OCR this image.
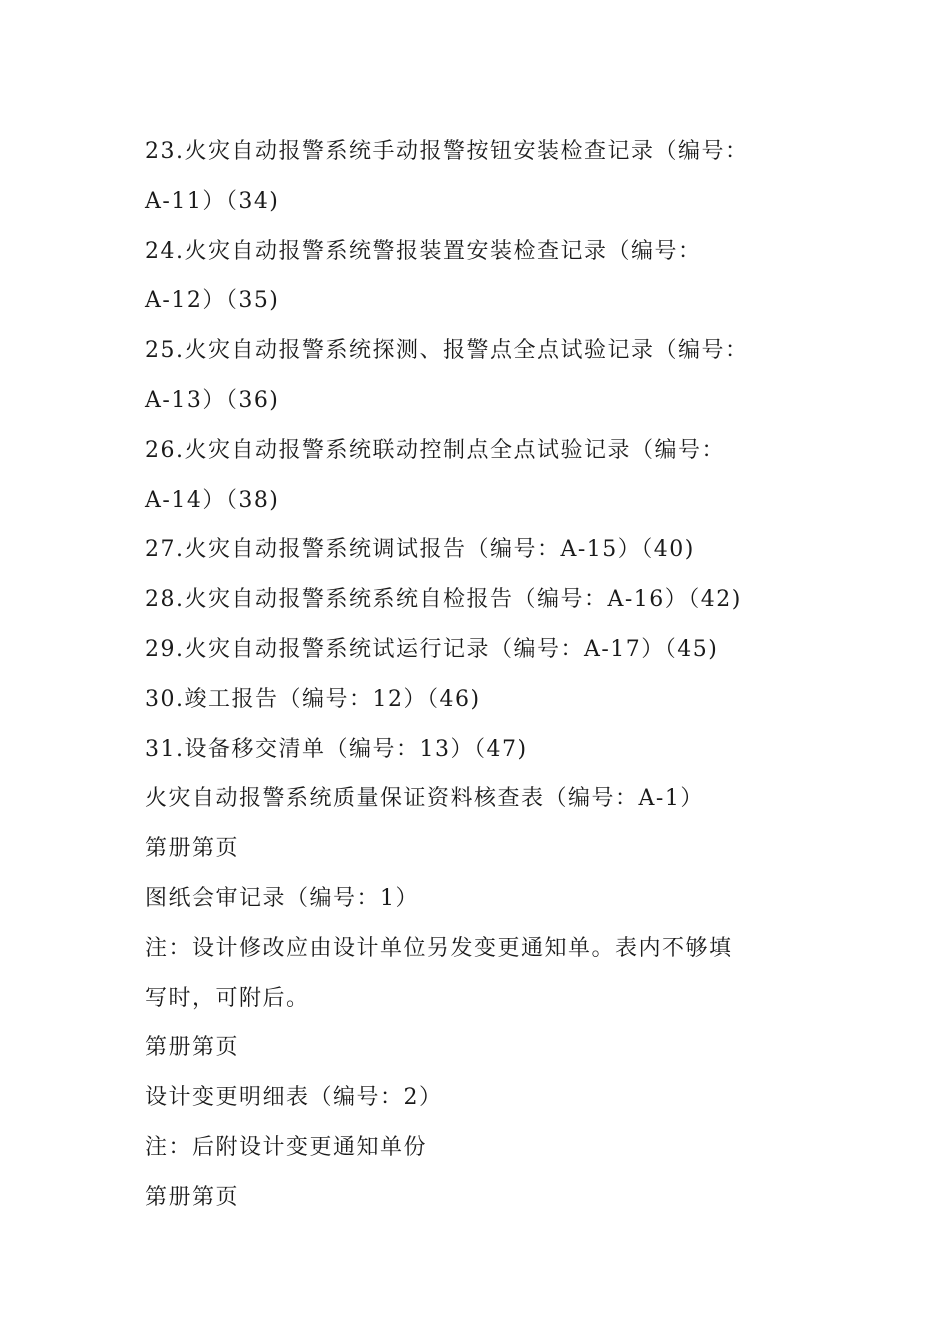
23.火灾自动报警系统手动报警按钮安装检查记录（编号：
A-11）（34)
24.火灾自动报警系统警报装置安装检查记录（编号：
A-12）（35)
25.火灾自动报警系统探测、报警点全点试验记录（编号：
A-13）（36)
26.火灾自动报警系统联动控制点全点试验记录（编号：
A-14）（38)
27.火灾自动报警系统调试报告（编号：A-15）（40)
28.火灾自动报警系统系统自检报告（编号：A-16）（42)
29.火灾自动报警系统试运行记录（编号：A-17）（45)
30.竣工报告（编号：12）（46)
31.设备移交清单（编号：13）（47)
火灾自动报警系统质量保证资料核查表（编号：A-1）
第册第页
图纸会审记录（编号：1）
注：设计修改应由设计单位另发变更通知单。表内不够填
写时，可附后。
第册第页
设计变更明细表（编号：2）
注：后附设计变更通知单份
第册第页
